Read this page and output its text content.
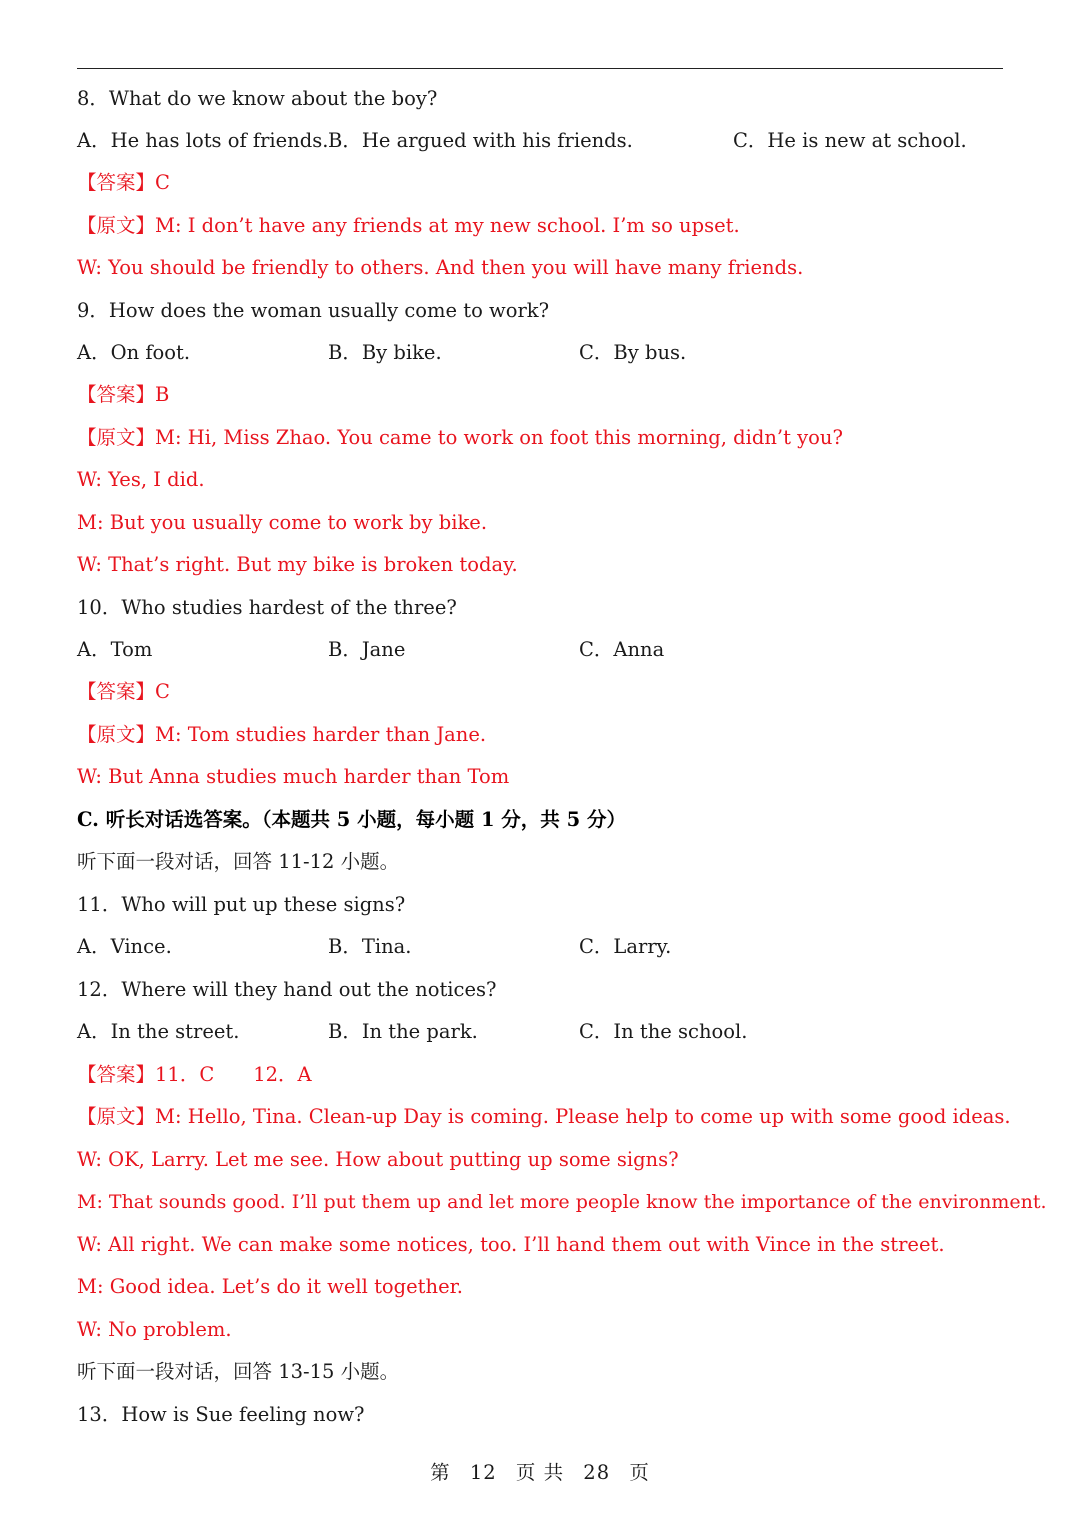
8．What do we know about the boy?
A．He has lots of friends. B．He argued with his friends.	C．He is new at school.
【答案】C
【原文】M: I don’t have any friends at my new school. I’m so upset.
W: You should be friendly to others. And then you will have many friends.
9．How does the woman usually come to work?
A．On foot.	B．By bike.	C．By bus.
【答案】B
【原文】M: Hi, Miss Zhao. You came to work on foot this morning, didn’t you?
W: Yes, I did.
M: But you usually come to work by bike.
W: That’s right. But my bike is broken today.
10．Who studies hardest of the three?
A．Tom	B．Jane	C．Anna
【答案】C
【原文】M: Tom studies harder than Jane.
W: But Anna studies much harder than Tom
C. 听长对话选答案。（本题共 5 小题，每小题 1 分，共 5 分）
听下面一段对话，回答 11-12 小题。
11．Who will put up these signs?
A．Vince.	B．Tina.	C．Larry.
12．Where will they hand out the notices?
A．In the street.	B．In the park.	C．In the school.
【答案】11．C　　12．A
【原文】M: Hello, Tina. Clean-up Day is coming. Please help to come up with some good ideas.
W: OK, Larry. Let me see. How about putting up some signs?
M: That sounds good. I’ll put them up and let more people know the importance of the environment.
W: All right. We can make some notices, too. I’ll hand them out with Vince in the street.
M: Good idea. Let’s do it well together.
W: No problem.
听下面一段对话，回答 13-15 小题。
13．How is Sue feeling now?
第 12 页 共 28 页
